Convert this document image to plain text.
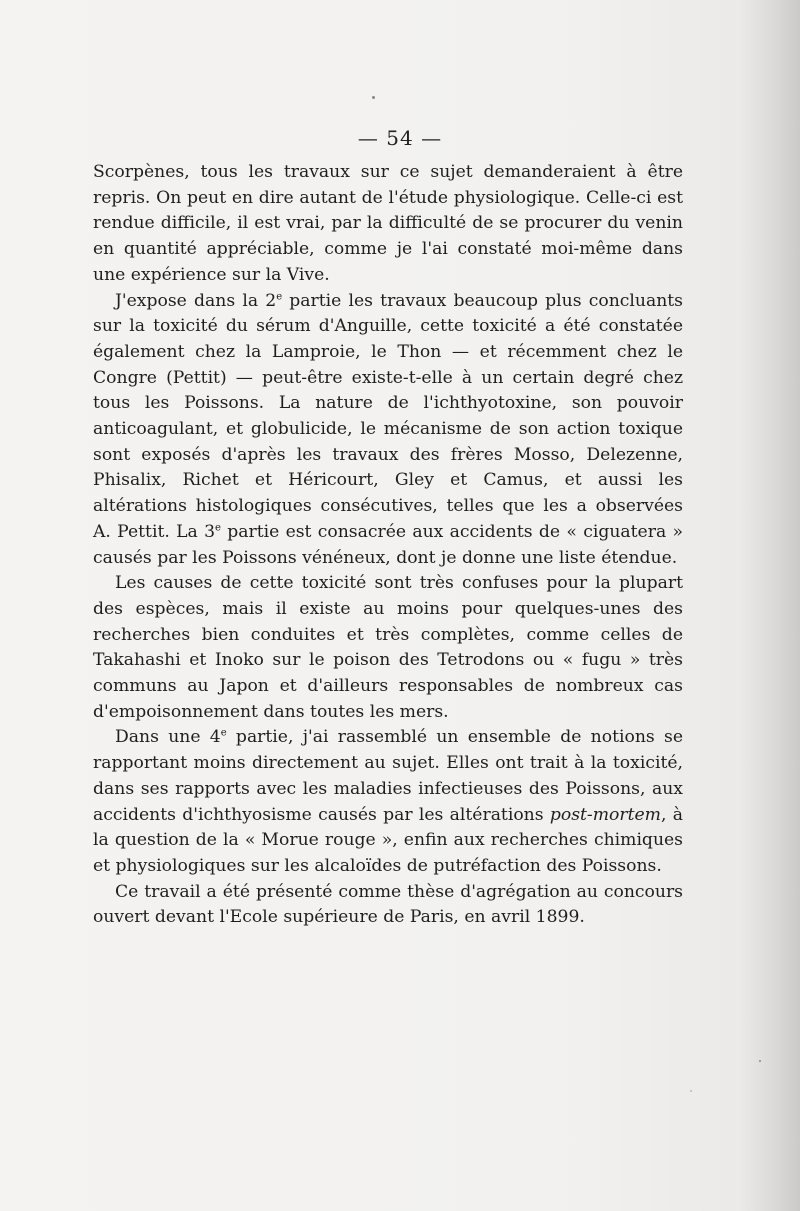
— 54 —

Scorpènes, tous les travaux sur ce sujet demanderaient à être repris. On peut en dire autant de l'étude physiologique. Celle-ci est rendue difficile, il est vrai, par la difficulté de se procurer du venin en quantité appréciable, comme je l'ai constaté moi-même dans une expérience sur la Vive.

J'expose dans la 2e partie les travaux beaucoup plus concluants sur la toxicité du sérum d'Anguille, cette toxicité a été constatée également chez la Lamproie, le Thon — et récemment chez le Congre (Pettit) — peut-être existe-t-elle à un certain degré chez tous les Poissons. La nature de l'ichthyotoxine, son pouvoir anticoagulant, et globulicide, le mécanisme de son action toxique sont exposés d'après les travaux des frères Mosso, Delezenne, Phisalix, Richet et Héricourt, Gley et Camus, et aussi les altérations histologiques consécutives, telles que les a observées A. Pettit. La 3e partie est consacrée aux accidents de « ciguatera » causés par les Poissons vénéneux, dont je donne une liste étendue.

Les causes de cette toxicité sont très confuses pour la plupart des espèces, mais il existe au moins pour quelques-unes des recherches bien conduites et très complètes, comme celles de Takahashi et Inoko sur le poison des Tetrodons ou « fugu » très communs au Japon et d'ailleurs responsables de nombreux cas d'empoisonnement dans toutes les mers.

Dans une 4e partie, j'ai rassemblé un ensemble de notions se rapportant moins directement au sujet. Elles ont trait à la toxicité, dans ses rapports avec les maladies infectieuses des Poissons, aux accidents d'ichthyosisme causés par les altérations post-mortem, à la question de la « Morue rouge », enfin aux recherches chimiques et physiologiques sur les alcaloïdes de putréfaction des Poissons.

Ce travail a été présenté comme thèse d'agrégation au concours ouvert devant l'Ecole supérieure de Paris, en avril 1899.
